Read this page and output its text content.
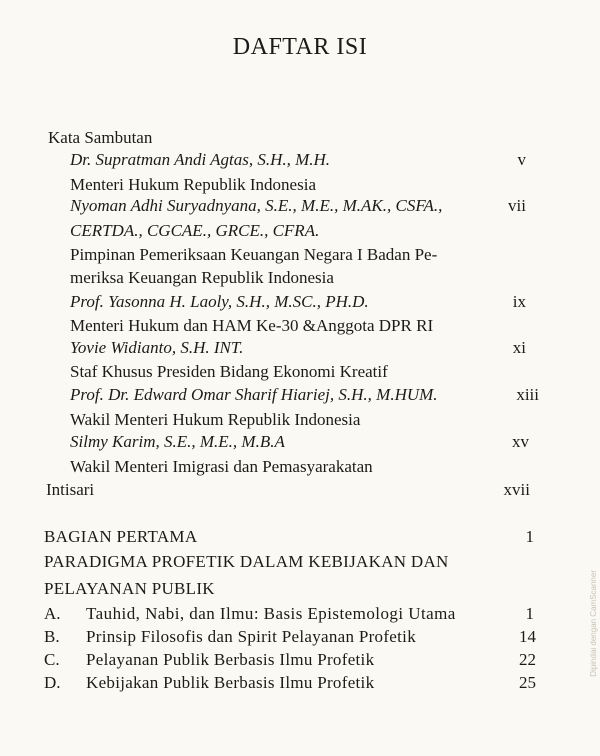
DAFTAR ISI
Kata Sambutan
Dr. Supratman Andi Agtas, S.H., M.H.	v
Menteri Hukum Republik Indonesia
Nyoman Adhi Suryadnyana, S.E., M.E., M.AK., CSFA.,	vii
CERTDA., CGCAE., GRCE., CFRA.
Pimpinan Pemeriksaan Keuangan Negara I Badan Pe-
meriksa Keuangan Republik Indonesia
Prof. Yasonna H. Laoly, S.H., M.SC., PH.D.	ix
Menteri Hukum dan HAM Ke-30 &Anggota DPR RI
Yovie Widianto, S.H. INT.	xi
Staf Khusus Presiden Bidang Ekonomi Kreatif
Prof. Dr. Edward Omar Sharif Hiariej, S.H., M.HUM.	xiii
Wakil Menteri Hukum Republik Indonesia
Silmy Karim, S.E., M.E., M.B.A	xv
Wakil Menteri Imigrasi dan Pemasyarakatan
Intisari	xvii
BAGIAN PERTAMA	1
PARADIGMA PROFETIK DALAM KEBIJAKAN DAN
PELAYANAN PUBLIK
A. Tauhid, Nabi, dan Ilmu: Basis Epistemologi Utama	1
B. Prinsip Filosofis dan Spirit Pelayanan Profetik	14
C. Pelayanan Publik Berbasis Ilmu Profetik	22
D. Kebijakan Publik Berbasis Ilmu Profetik	25
Dipindai dengan CamScanner
